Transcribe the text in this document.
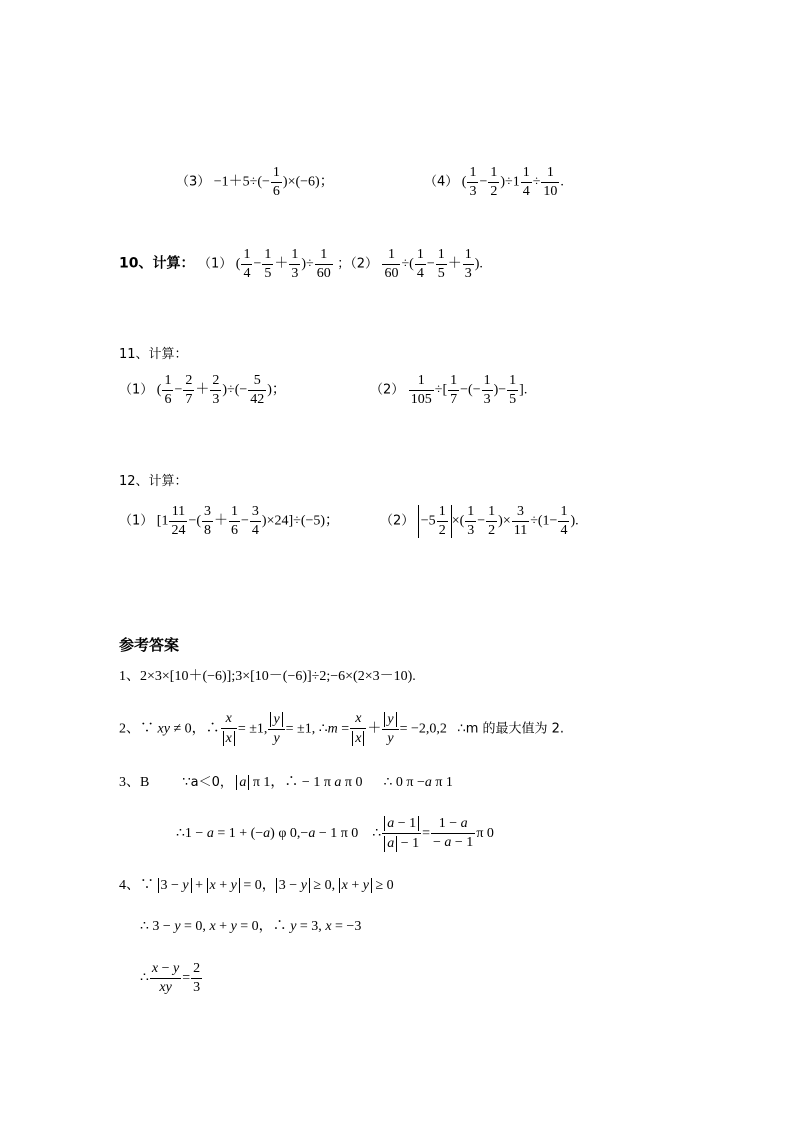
$(3) -1+5\div(- \frac{1}{6} )\times(-6)$；	（4） ( $\frac{1}{3} - \frac{1}{2} )\div 1 \frac{1}{4} \div \frac{1}{10}$ .
10、计算： （1） ( $\frac{1}{4} - \frac{1}{5} + \frac{1}{3}$ )÷ $\frac{1}{60}$ ；$(2) \frac{1}{60}$ ÷( $\frac{1}{4} - \frac{1}{5} + \frac{1}{3}$ ).
11、计算：
（1） ( $\frac{1}{6} - \frac{2}{7} + \frac{2}{3}$ )÷(− $\frac{5}{42}$ )；	$(2) \frac{1}{105}$ ÷[ $\frac{1}{7}$ −(− $\frac{1}{3}$ )− $\frac{1}{5}$ ].
12、计算：
（1） [$1 \frac{11}{24}$ −( $\frac{3}{8} + \frac{1}{6} - \frac{3}{4} )\times 24]\div(-5)$；	$(2) -5 \frac{1}{2}$ ×( $\frac{1}{3} - \frac{1}{2}$ )× $\frac{3}{11} \div(1- \frac{1}{4}$ ).
参考答案
1、2×3×[10＋(−6)];3×[10－(−6)]÷2;−6×(2×3－10).
2、∵ xy ≠ 0，∴ $\frac{x}{x} = \pm 1$, $\frac{y}{y} = \pm 1$, ∴m = $\frac{x}{x} + \frac{y}{y} = -2,0,2$   ∴m 的最大值为 2.
3、B	∵a＜0， a π 1，∴ − 1 π a π 0      ∴ 0 π −a π 1
∴1 − a = 1 + (−a) φ 0,−a − 1 π 0    ∴ $\frac{a - 1}{a - 1} = \frac{1 - a}{- a - 1}$ π 0
4、∵ 3 − y + x + y = 0， 3 − y ≥ 0, x + y ≥ 0
∴ 3 − y = 0, x + y = 0，∴ y = 3, x = −3
∴ $\frac{x - y}{xy} = \frac{2}{3}$
